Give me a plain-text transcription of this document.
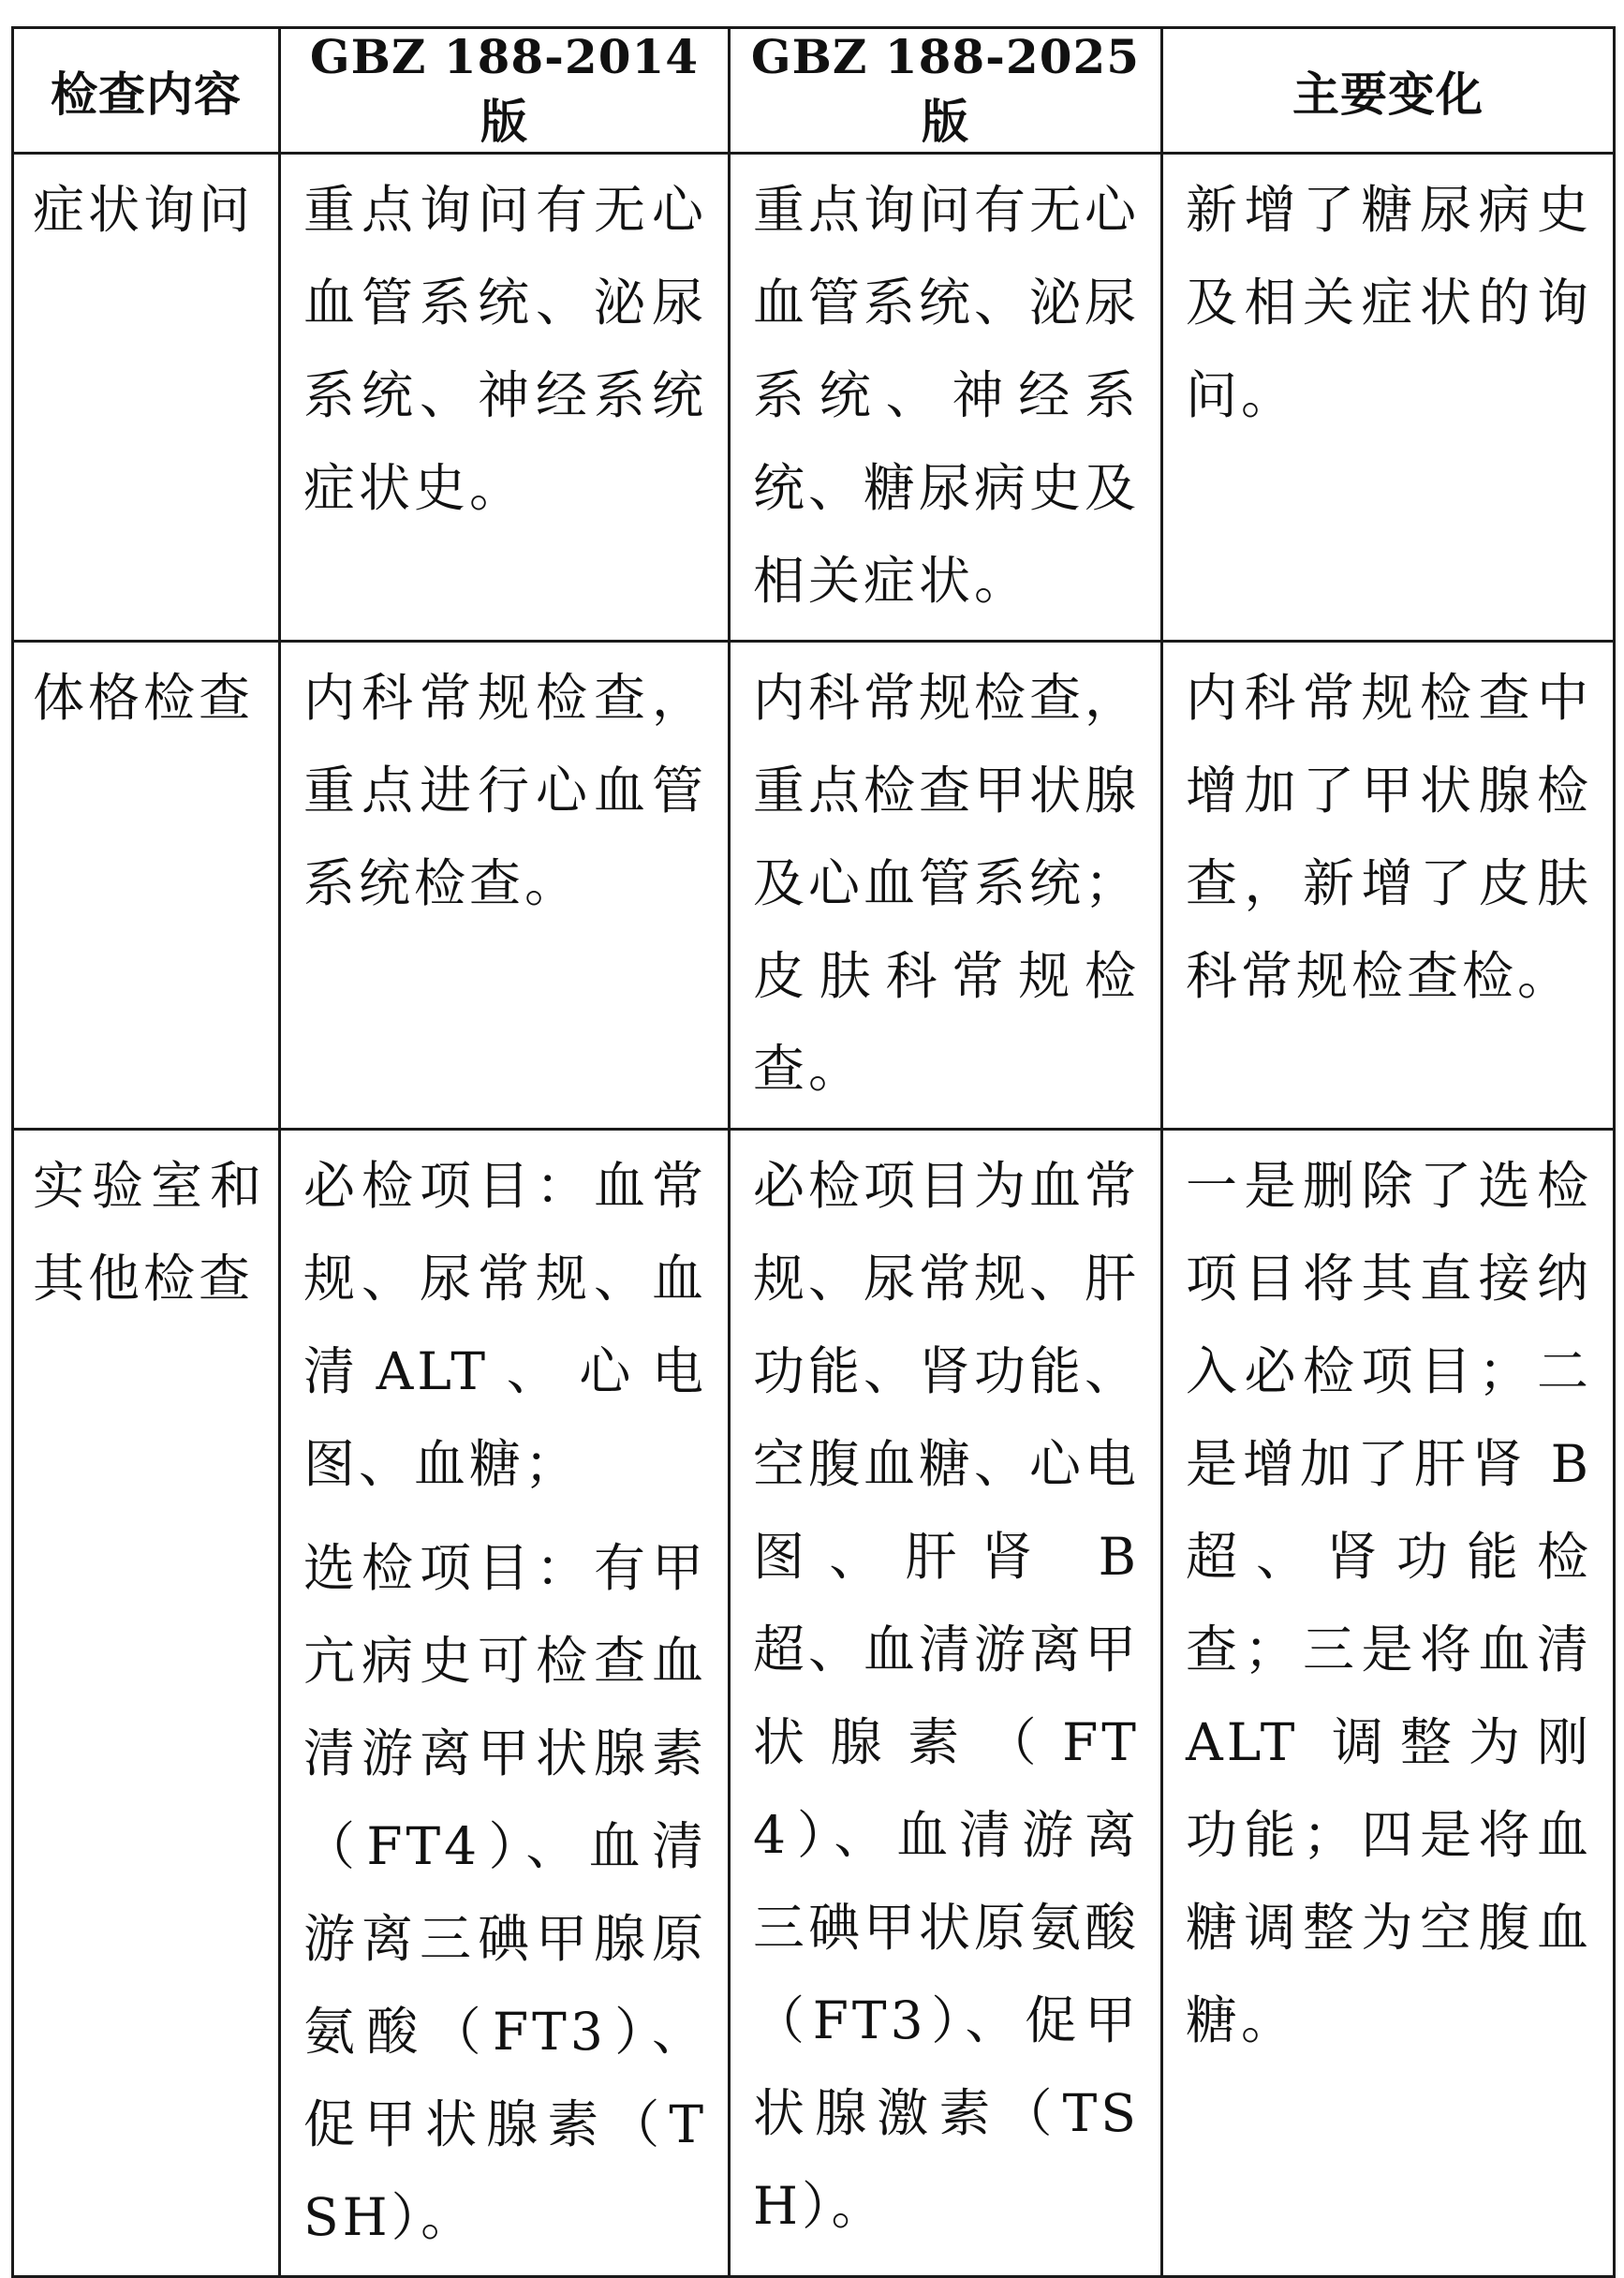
检查内容	GBZ 188-2014 版	GBZ 188-2025 版	主要变化

症状询问	重点询问有无心血管系统、泌尿系统、神经系统症状史。	重点询问有无心血管系统、泌尿系统、神经系统、糖尿病史及相关症状。	新增了糖尿病史及相关症状的询问。

体格检查	内科常规检查，重点进行心血管系统检查。	内科常规检查，重点检查甲状腺及心血管系统；皮肤科常规检查。	内科常规检查中增加了甲状腺检查，新增了皮肤科常规检查检。

实验室和其他检查	必检项目：血常规、尿常规、血清ALT、心电图、血糖；
选检项目：有甲亢病史可检查血清游离甲状腺素（FT4）、血清游离三碘甲腺原氨酸（FT3）、促甲状腺素（TSH）。	必检项目为血常规、尿常规、肝功能、肾功能、空腹血糖、心电图、肝肾 B 超、血清游离甲状腺素（FT4）、血清游离三碘甲状原氨酸（FT3）、促甲状腺激素（TSH）。	一是删除了选检项目将其直接纳入必检项目；二是增加了肝肾 B 超、肾功能检查；三是将血清 ALT 调整为刚功能；四是将血糖调整为空腹血糖。
